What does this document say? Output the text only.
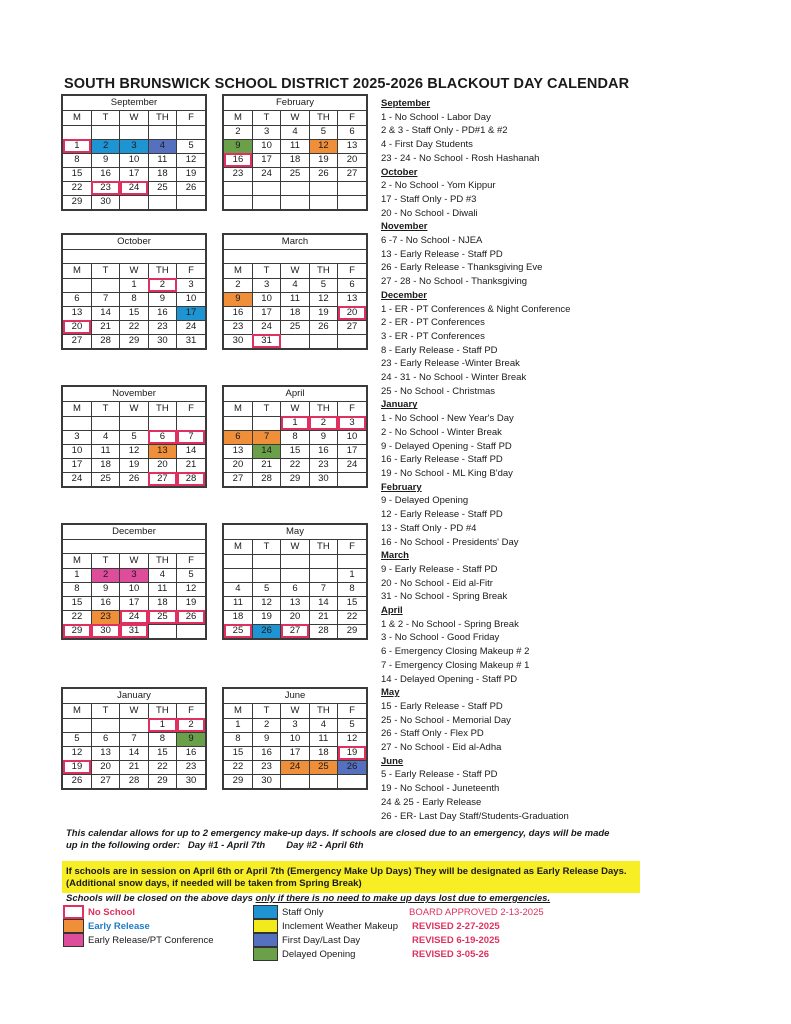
SOUTH BRUNSWICK SCHOOL DISTRICT 2025-2026 BLACKOUT DAY CALENDAR
September
M	T	W	TH	F

1	2	3	4	5
8	9	10	11	12
15	16	17	18	19
22	23	24	25	26
29	30			
February
M	T	W	TH	F
2	3	4	5	6
9	10	11	12	13
16	17	18	19	20
23	24	25	26	27

October
M	T	W	TH	F
		1	2	3
6	7	8	9	10
13	14	15	16	17
20	21	22	23	24
27	28	29	30	31
March
M	T	W	TH	F
2	3	4	5	6
9	10	11	12	13
16	17	18	19	20
23	24	25	26	27
30	31			
November
M	T	W	TH	F

3	4	5	6	7
10	11	12	13	14
17	18	19	20	21
24	25	26	27	28
April
M	T	W	TH	F
		1	2	3
6	7	8	9	10
13	14	15	16	17
20	21	22	23	24
27	28	29	30	
December
M	T	W	TH	F
1	2	3	4	5
8	9	10	11	12
15	16	17	18	19
22	23	24	25	26
29	30	31		
May
M	T	W	TH	F

				1
4	5	6	7	8
11	12	13	14	15
18	19	20	21	22
25	26	27	28	29
January
M	T	W	TH	F
			1	2
5	6	7	8	9
12	13	14	15	16
19	20	21	22	23
26	27	28	29	30
June
M	T	W	TH	F
1	2	3	4	5
8	9	10	11	12
15	16	17	18	19
22	23	24	25	26
29	30			
September
1 - No School - Labor Day
2 & 3 - Staff Only - PD#1 & #2
4 - First Day Students
23 - 24 - No School - Rosh Hashanah
October
2 - No School - Yom Kippur
17 - Staff Only - PD #3
20 - No School - Diwali
November
6 -7 - No School - NJEA
13 - Early Release - Staff PD
26 - Early Release - Thanksgiving Eve
27 - 28 - No School - Thanksgiving
December
1 - ER - PT Conferences & Night Conference
2 - ER - PT Conferences
3 - ER - PT Conferences
8 - Early Release - Staff PD
23 - Early Release -Winter Break
24 - 31 - No School - Winter Break
25 - No School - Christmas
January
1 - No School - New Year's Day
2 - No School - Winter Break
9 - Delayed Opening - Staff PD
16 - Early Release - Staff PD
19 - No School - ML King B'day
February
9 - Delayed Opening
12 - Early Release - Staff PD
13 - Staff Only - PD #4
16 - No School - Presidents' Day
March
9 - Early Release - Staff PD
20 - No School - Eid al-Fitr
31 - No School - Spring Break
April
1 & 2 - No School - Spring Break
3 - No School - Good Friday
6 - Emergency Closing Makeup # 2
7 - Emergency Closing Makeup # 1
14 - Delayed Opening - Staff PD
May
15 - Early Release - Staff PD
25 - No School - Memorial Day
26 - Staff Only - Flex PD
27 - No School - Eid al-Adha
June
5 - Early Release - Staff PD
19 - No School - Juneteenth
24 & 25 - Early Release
26 - ER- Last Day Staff/Students-Graduation
This calendar allows for up to 2 emergency make-up days. If schools are closed due to an emergency, days will be made
up in the following order:   Day #1 - April 7th        Day #2 - April 6th
If schools are in session on April 6th or April 7th (Emergency Make Up Days) They will be designated as Early Release Days.
(Additional snow days, if needed will be taken from Spring Break)
Schools will be closed on the above days only if there is no need to make up days lost due to emergencies.
No School
Early Release
Early Release/PT Conference
Staff Only
Inclement Weather Makeup
First Day/Last Day
Delayed Opening
BOARD APPROVED 2-13-2025
REVISED 2-27-2025
REVISED 6-19-2025
REVISED 3-05-26
